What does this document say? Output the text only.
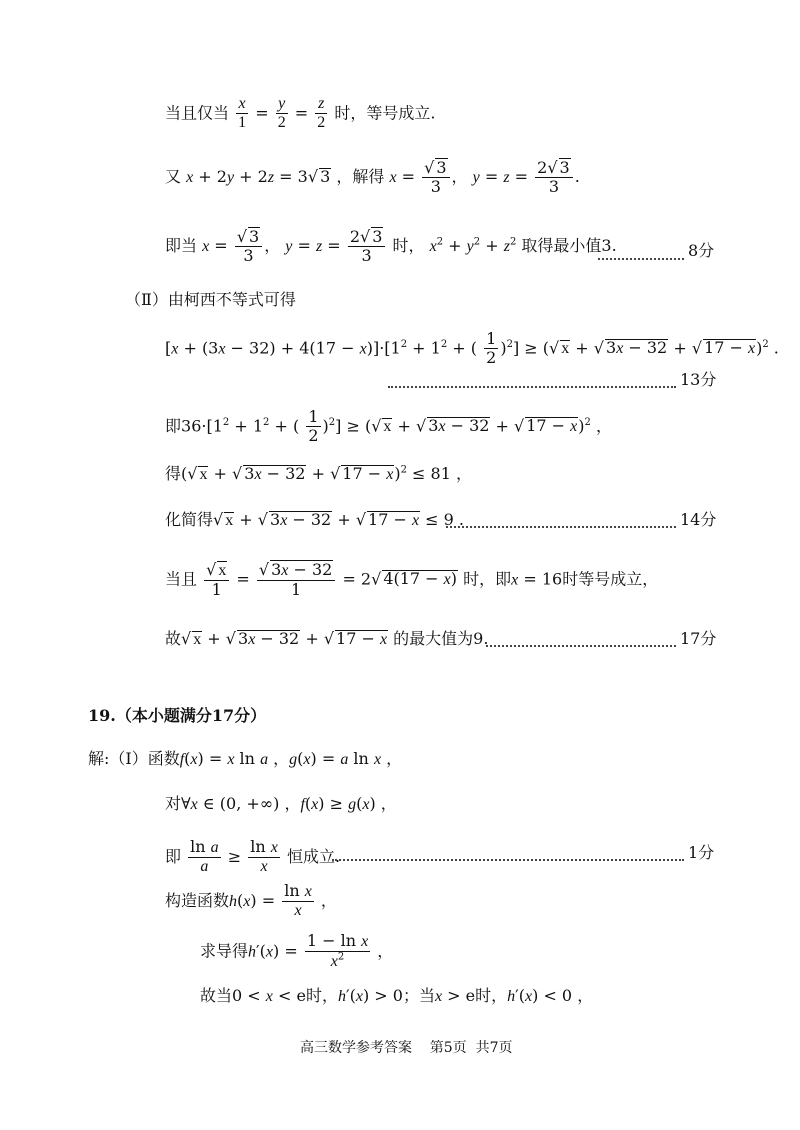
当且仅当 $\frac{x}{1} = \frac{y}{2} = \frac{z}{2}$ 时，等号成立.
又 x + 2y + 2z = 3√ 3 ，解得 $x = \frac{√ 3}{3}$ ， $y = z = \frac{2√ 3}{3}$ .
即当 $x = \frac{√ 3}{3}$ ， $y = z = \frac{2√ 3}{3}$ 时， $x^2 + y^2 + z^2$ 取得最小值3.	8分
（Ⅱ）由柯西不等式可得
$[x + (3x - 32) + 4(17 - x)]\cdot[1^2 + 1^2$ + ( $\frac{1}{2} )^2$] ≥ (√ x + √ 3x − 32 + √ 17 − x)$^2$ .
13分
即$36\cdot[1^2 + 1^2$ + ( $\frac{1}{2} )^2$] ≥ (√ x + √ 3x − 32 + √ 17 − x)$^2$ ，
得(√ x + √ 3x − 32 + √ 17 − x)$^2$ ≤ 81 ，
化简得√ x + √ 3x − 32 + √ 17 − x ≤ 9 .	14分
当且 $\frac{√ x}{1} = \frac{√ 3x - 32}{1} = 2√$ 4(17 − x) 时，即x = 16时等号成立，
故√ x + √ 3x − 32 + √ 17 − x 的最大值为9.	17分
19.（本小题满分17分）
解:（Ⅰ）函数f(x) = x ln a ，g(x) = a ln x ，
对∀x ∈ (0, +∞) ，f(x) ≥ g(x) ，
即 $\frac{\text{ln a}}{a} \ge \frac{\text{ln x}}{x}$ 恒成立.	1分
构造函数$h(x) = \frac{\text{ln x}}{x}$ ，
求导得$h'(x) = \frac{\text{1 − ln x}}{x^2}$ ，
故当0 < x < e时，h′(x) > 0；当x > e时，h′(x) < 0 ，
高三数学参考答案    第5页  共7页
